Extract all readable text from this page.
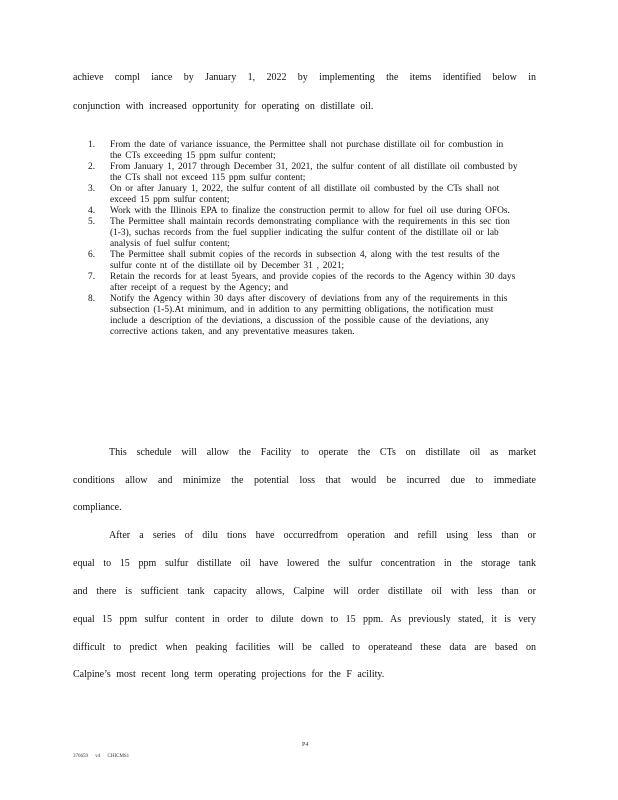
achieve compl iance by January 1, 2022 by implementing the items identified below in
conjunction with increased opportunity for operating on distillate oil.
1. From the date of variance issuance, the Permittee shall not purchase distillate oil for combustion in the CTs exceeding 15 ppm sulfur content;
2. From January 1, 2017 through December 31, 2021, the sulfur content of all distillate oil combusted by the CTs shall not exceed 115 ppm sulfur content;
3. On or after January 1, 2022, the sulfur content of all distillate oil combusted by the CTs shall not exceed 15 ppm sulfur content;
4. Work with the Illinois EPA to finalize the construction permit to allow for fuel oil use during OFOs.
5. The Permittee shall maintain records demonstrating compliance with the requirements in this sec tion (1-3), suchas records from the fuel supplier indicating the sulfur content of the distillate oil or lab analysis of fuel sulfur content;
6. The Permittee shall submit copies of the records in subsection 4, along with the test results of the sulfur conte nt of the distillate oil by December 31 , 2021;
7. Retain the records for at least 5years, and provide copies of the records to the Agency within 30 days after receipt of a request by the Agency; and
8. Notify the Agency within 30 days after discovery of deviations from any of the requirements in this subsection (1-5).At minimum, and in addition to any permitting obligations, the notification must include a description of the deviations, a discussion of the possible cause of the deviations, any corrective actions taken, and any preventative measures taken.
This schedule will allow the Facility to operate the CTs on distillate oil as market
conditions allow and minimize the potential loss that would be incurred due to immediate
compliance.
After a series of dilu tions have occurredfrom operation and refill using less than or
equal to 15 ppm sulfur distillate oil have lowered the sulfur concentration in the storage tank
and there is sufficient tank capacity allows, Calpine will order distillate oil with less than or
equal 15 ppm sulfur content in order to dilute down to 15 ppm. As previously stated, it is very
difficult to predict when peaking facilities will be called to operateand these data are based on
Calpine’s most recent long term operating projections for the F acility.
P4
376659 v4 CHICMS1
